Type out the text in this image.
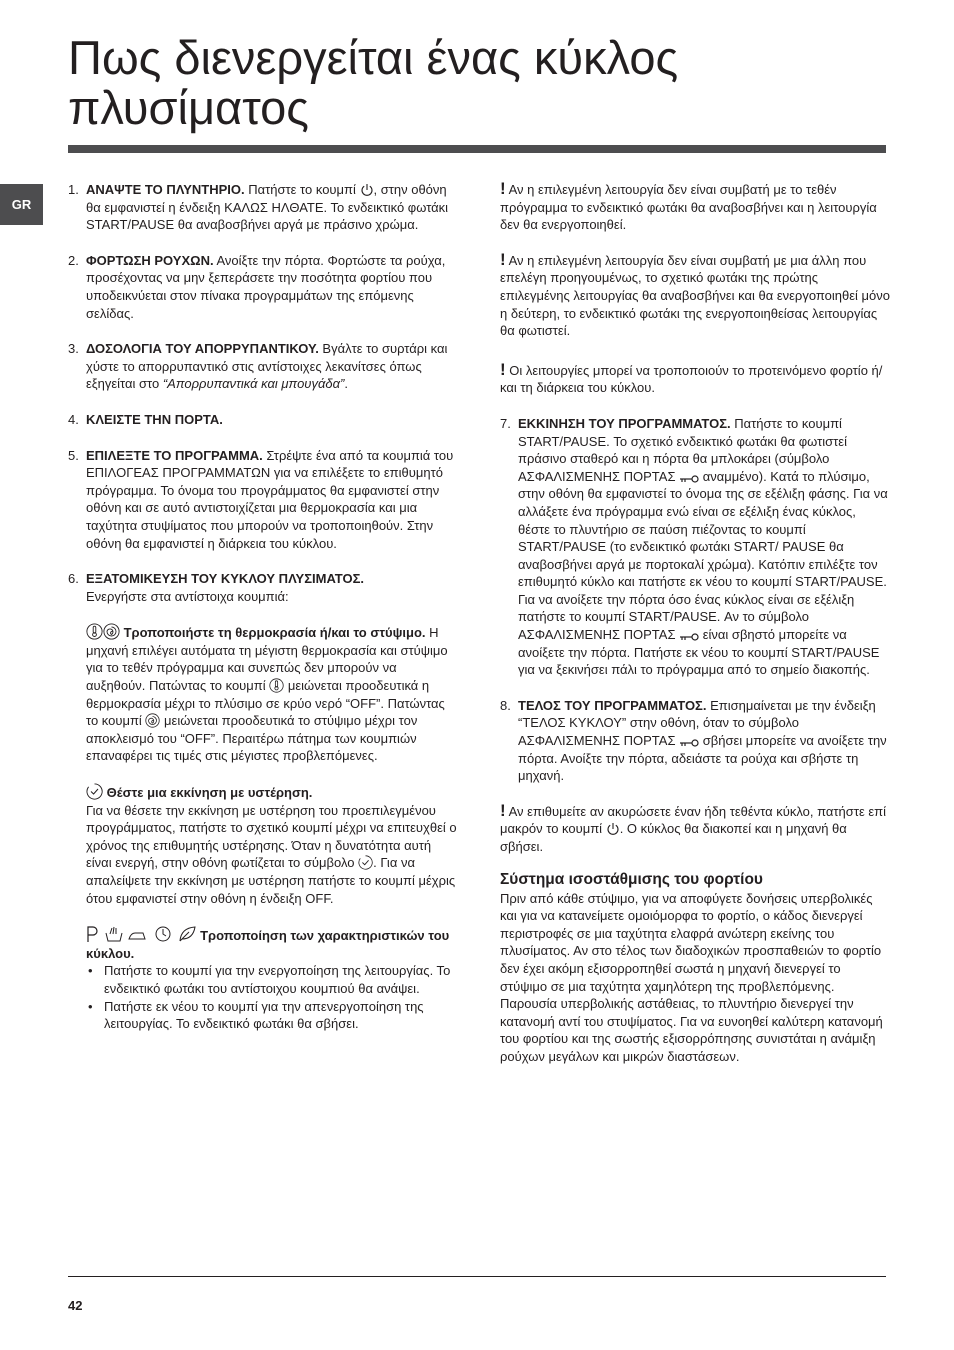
Πως διενεργείται ένας κύκλος πλυσίματος
GR
1. ΑΝΑΨΤΕ ΤΟ ΠΛΥΝΤΗΡΙΟ. Πατήστε το κουμπί , στην οθόνη θα εμφανιστεί η ένδειξη ΚΑΛΩΣ ΗΛΘΑΤΕ. Το ενδεικτικό φωτάκι START/PAUSE θα αναβοσβήνει αργά με πράσινο χρώμα.
2. ΦΟΡΤΩΣΗ ΡΟΥΧΩΝ. Ανοίξτε την πόρτα. Φορτώστε τα ρούχα, προσέχοντας να μην ξεπεράσετε την ποσότητα φορτίου που υποδεικνύεται στον πίνακα προγραμμάτων της επόμενης σελίδας.
3. ΔΟΣΟΛΟΓΙΑ ΤΟΥ ΑΠΟΡΡΥΠΑΝΤΙΚΟΥ. Βγάλτε το συρτάρι και χύστε το απορρυπαντικό στις αντίστοιχες λεκανίτσες όπως εξηγείται στο “Απορρυπαντικά και μπουγάδα”.
4. ΚΛΕΙΣΤΕ ΤΗΝ ΠΟΡΤΑ.
5. ΕΠΙΛΕΞΤΕ ΤΟ ΠΡΟΓΡΑΜΜΑ. Στρέψτε ένα από τα κουμπιά του ΕΠΙΛΟΓΕΑΣ ΠΡΟΓΡΑΜΜΑΤΩΝ για να επιλέξετε το επιθυμητό πρόγραμμα. Το όνομα του προγράμματος θα εμφανιστεί στην οθόνη και σε αυτό αντιστοιχίζεται μια θερμοκρασία και μια ταχύτητα στυψίματος που μπορούν να τροποποιηθούν. Στην οθόνη θα εμφανιστεί η διάρκεια του κύκλου.
6. ΕΞΑΤΟΜΙΚΕΥΣΗ ΤΟΥ ΚΥΚΛΟΥ ΠΛΥΣΙΜΑΤΟΣ.
Ενεργήστε στα αντίστοιχα κουμπιά:
Τροποποιήστε τη θερμοκρασία ή/και το στύψιμο. Η μηχανή επιλέγει αυτόματα τη μέγιστη θερμοκρασία και στύψιμο για το τεθέν πρόγραμμα και συνεπώς δεν μπορούν να αυξηθούν. Πατώντας το κουμπί  μειώνεται προοδευτικά η θερμοκρασία μέχρι το πλύσιμο σε κρύο νερό “OFF”. Πατώντας το κουμπί  μειώνεται προοδευτικά το στύψιμο μέχρι τον αποκλεισμό του “OFF”. Περαιτέρω πάτημα των κουμπιών επαναφέρει τις τιμές στις μέγιστες προβλεπόμενες.
Θέστε μια εκκίνηση με υστέρηση.
Για να θέσετε την εκκίνηση με υστέρηση του προεπιλεγμένου προγράμματος, πατήστε το σχετικό κουμπί μέχρι να επιτευχθεί ο χρόνος της επιθυμητής υστέρησης. Όταν η δυνατότητα αυτή είναι ενεργή, στην οθόνη φωτίζεται το σύμβολο . Για να απαλείψετε την εκκίνηση με υστέρηση πατήστε το κουμπί μέχρις ότου εμφανιστεί στην οθόνη η ένδειξη OFF.
Τροποποίηση των χαρακτηριστικών του κύκλου.
• Πατήστε το κουμπί για την ενεργοποίηση της λειτουργίας. Το ενδεικτικό φωτάκι του αντίστοιχου κουμπιού θα ανάψει.
• Πατήστε εκ νέου το κουμπί για την απενεργοποίηση της λειτουργίας. Το ενδεικτικό φωτάκι θα σβήσει.
! Αν η επιλεγμένη λειτουργία δεν είναι συμβατή με το τεθέν πρόγραμμα το ενδεικτικό φωτάκι θα αναβοσβήνει και η λειτουργία δεν θα ενεργοποιηθεί.
! Αν η επιλεγμένη λειτουργία δεν είναι συμβατή με μια άλλη που επελέγη προηγουμένως, το σχετικό φωτάκι της πρώτης επιλεγμένης λειτουργίας θα αναβοσβήνει και θα ενεργοποιηθεί μόνο η δεύτερη, το ενδεικτικό φωτάκι της ενεργοποιηθείσας λειτουργίας θα φωτιστεί.
! Οι λειτουργίες μπορεί να τροποποιούν το προτεινόμενο φορτίο ή/και τη διάρκεια του κύκλου.
7. ΕΚΚΙΝΗΣΗ ΤΟΥ ΠΡΟΓΡΑΜΜΑΤΟΣ. Πατήστε το κουμπί START/PAUSE. Το σχετικό ενδεικτικό φωτάκι θα φωτιστεί πράσινο σταθερό και η πόρτα θα μπλοκάρει (σύμβολο ΑΣΦΑΛΙΣΜΕΝΗΣ ΠΟΡΤΑΣ  αναμμένο). Κατά το πλύσιμο, στην οθόνη θα εμφανιστεί το όνομα της σε εξέλιξη φάσης. Για να αλλάξετε ένα πρόγραμμα ενώ είναι σε εξέλιξη ένας κύκλος, θέστε το πλυντήριο σε παύση πιέζοντας το κουμπί START/PAUSE (το ενδεικτικό φωτάκι START/ PAUSE θα αναβοσβήνει αργά με πορτοκαλί χρώμα). Κατόπιν επιλέξτε τον επιθυμητό κύκλο και πατήστε εκ νέου το κουμπί START/PAUSE.
Για να ανοίξετε την πόρτα όσο ένας κύκλος είναι σε εξέλιξη πατήστε το κουμπί START/PAUSE. Αν το σύμβολο ΑΣΦΑΛΙΣΜΕΝΗΣ ΠΟΡΤΑΣ  είναι σβηστό μπορείτε να ανοίξετε την πόρτα. Πατήστε εκ νέου το κουμπί START/PAUSE για να ξεκινήσει πάλι το πρόγραμμα από το σημείο διακοπής.
8. ΤΕΛΟΣ ΤΟΥ ΠΡΟΓΡΑΜΜΑΤΟΣ. Επισημαίνεται με την ένδειξη “ΤΕΛΟΣ ΚΥΚΛΟΥ” στην οθόνη, όταν το σύμβολο ΑΣΦΑΛΙΣΜΕΝΗΣ ΠΟΡΤΑΣ  σβήσει μπορείτε να ανοίξετε την πόρτα. Ανοίξτε την πόρτα, αδειάστε τα ρούχα και σβήστε τη μηχανή.
! Αν επιθυμείτε αν ακυρώσετε έναν ήδη τεθέντα κύκλο, πατήστε επί μακρόν το κουμπί . Ο κύκλος θα διακοπεί και η μηχανή θα σβήσει.
Σύστημα ισοστάθμισης του φορτίου
Πριν από κάθε στύψιμο, για να αποφύγετε δονήσεις υπερβολικές και για να κατανείμετε ομοιόμορφα το φορτίο, ο κάδος διενεργεί περιστροφές σε μια ταχύτητα ελαφρά ανώτερη εκείνης του πλυσίματος. Αν στο τέλος των διαδοχικών προσπαθειών το φορτίο δεν έχει ακόμη εξισορροπηθεί σωστά η μηχανή διενεργεί το στύψιμο σε μια ταχύτητα χαμηλότερη της προβλεπόμενης. Παρουσία υπερβολικής αστάθειας, το πλυντήριο διενεργεί την κατανομή αντί του στυψίματος. Για να ευνοηθεί καλύτερη κατανομή του φορτίου και της σωστής εξισορρόπησης συνιστάται η ανάμιξη ρούχων μεγάλων και μικρών διαστάσεων.
42
